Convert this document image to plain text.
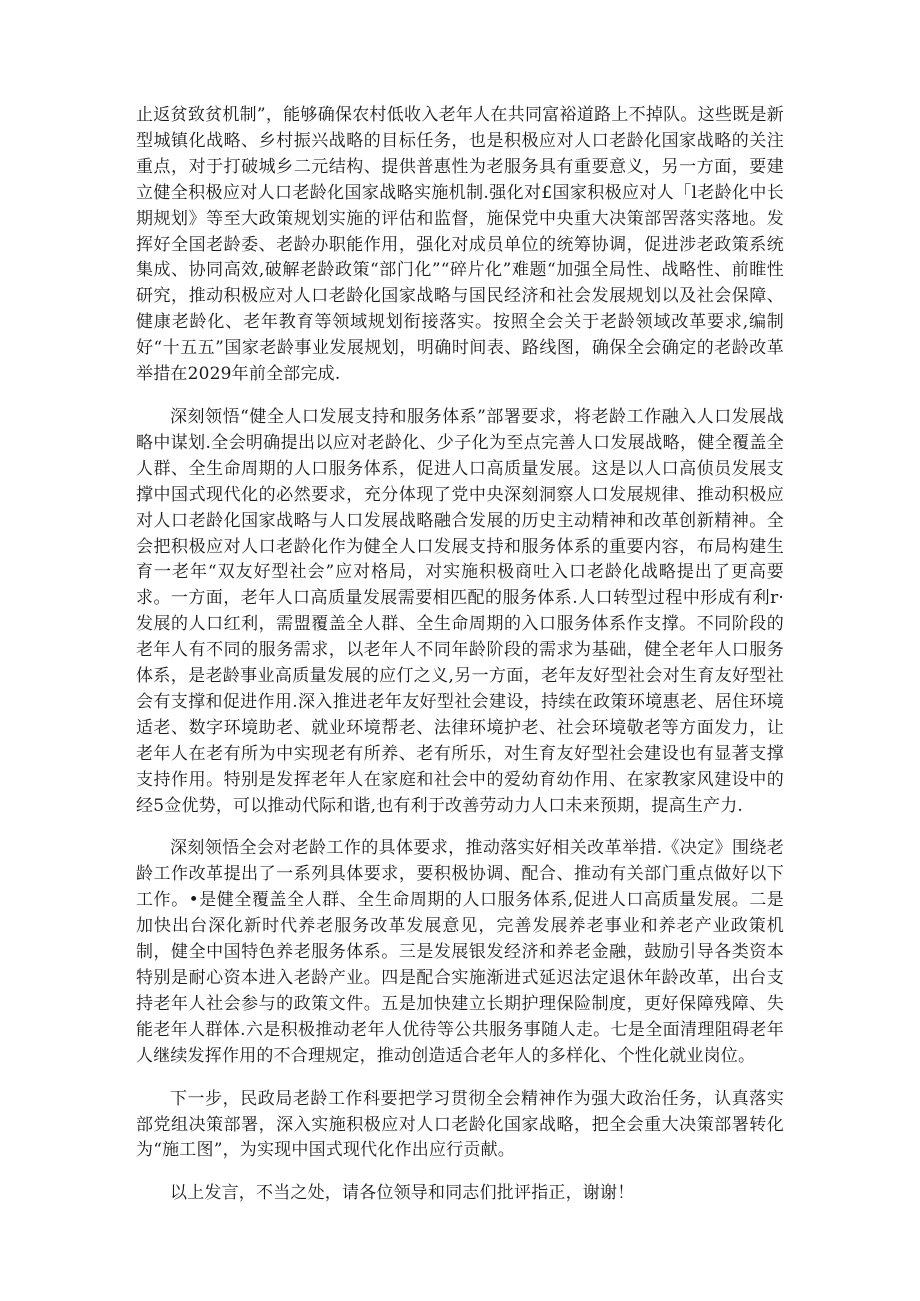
止返贫致贫机制”，能够确保农村低收入老年人在共同富裕道路上不掉队。这些既是新型城镇化战略、乡村振兴战略的目标任务，也是积极应对人口老龄化国家战略的关注重点，对于打破城乡二元结构、提供普惠性为老服务具有重要意义，另一方面，要建立健全积极应对人口老龄化国家战略实施机制.强化对£国家积极应对人「l老龄化中长期规划》等至大政策规划实施的评估和监督，施保党中央重大决策部罟落实落地。发挥好全国老龄委、老龄办职能作用，强化对成员单位的统筹协调，促进涉老政策系统集成、协同高效,破解老龄政策“部门化”“碎片化”难题“加强全局性、战略性、前睢性研究，推动积极应对人口老龄化国家战略与国民经济和社会发展规划以及社会保障、健康老龄化、老年教育等领域规划衔接落实。按照全会关于老龄领域改革要求,编制好“十五五”国家老龄事业发展规划，明确时间表、路线图，确保全会确定的老龄改革举措在2029年前全部完成.

深刻领悟“健全人口发展支持和服务体系”部署要求，将老龄工作融入人口发展战略中谋划.全会明确提出以应对老龄化、少子化为至点完善人口发展战略，健全覆盖全人群、全生命周期的人口服务体系，促进人口高质量发展。这是以人口高侦员发展支撑中国式现代化的必然要求，充分体现了党中央深刻洞察人口发展规律、推动积极应对人口老龄化国家战略与人口发展战略融合发展的历史主动精神和改革创新精神。全会把积极应对人口老龄化作为健全人口发展支持和服务体系的重要内容，布局构建生育一老年“双友好型社会”应对格局，对实施积极商吐入口老龄化战略提出了更高要求。一方面，老年人口高质量发展需要相匹配的服务体系.人口转型过程中形成有利r·发展的人口红利，需盟覆盖全人群、全生命周期的入口服务体系作支撑。不同阶段的老年人有不同的服务需求，以老年人不同年龄阶段的需求为基础，健全老年人口服务体系，是老龄事业高质量发展的应仃之义,另一方面，老年友好型社会对生育友好型社会有支撑和促进作用.深入推进老年友好型社会建设，持续在政策环境惠老、居住环境适老、数字环境助老、就业环境帮老、法律环境护老、社会环境敬老等方面发力，让老年人在老有所为中实现老有所养、老有所乐，对生育友好型社会建设也有显著支撑支持作用。特别是发挥老年人在家庭和社会中的爱幼育幼作用、在家教家风建设中的经5佥优势，可以推动代际和谐,也有利于改善劳动力人口未来预期，提高生产力.

深刻领悟全会对老龄工作的具体要求，推动落实好相关改革举措.《决定》围绕老龄工作改革提出了一系列具体要求，要积极协调、配合、推动有关部门重点做好以下工作。•是健全覆盖全人群、全生命周期的人口服务体系,促进人口高质量发展。二是加快出台深化新时代养老服务改革发展意见，完善发展养老事业和养老产业政策机制，健全中国特色养老服务体系。三是发展银发经济和养老金融，鼓励引导各类资本特别是耐心资本进入老龄产业。四是配合实施渐进式延迟法定退休年龄改革，出台支持老年人社会参与的政策文件。五是加快建立长期护理保险制度，更好保障残障、失能老年人群体.六是积极推动老年人优待等公共服务事随人走。七是全面清理阻碍老年人继续发挥作用的不合理规定，推动创造适合老年人的多样化、个性化就业岗位。

下一步，民政局老龄工作科要把学习贯彻全会精神作为强大政治任务，认真落实部党组决策部署，深入实施积极应对人口老龄化国家战略，把全会重大决策部署转化为“施工图”，为实现中国式现代化作出应行贡献。

以上发言，不当之处，请各位领导和同志们批评指正，谢谢！
